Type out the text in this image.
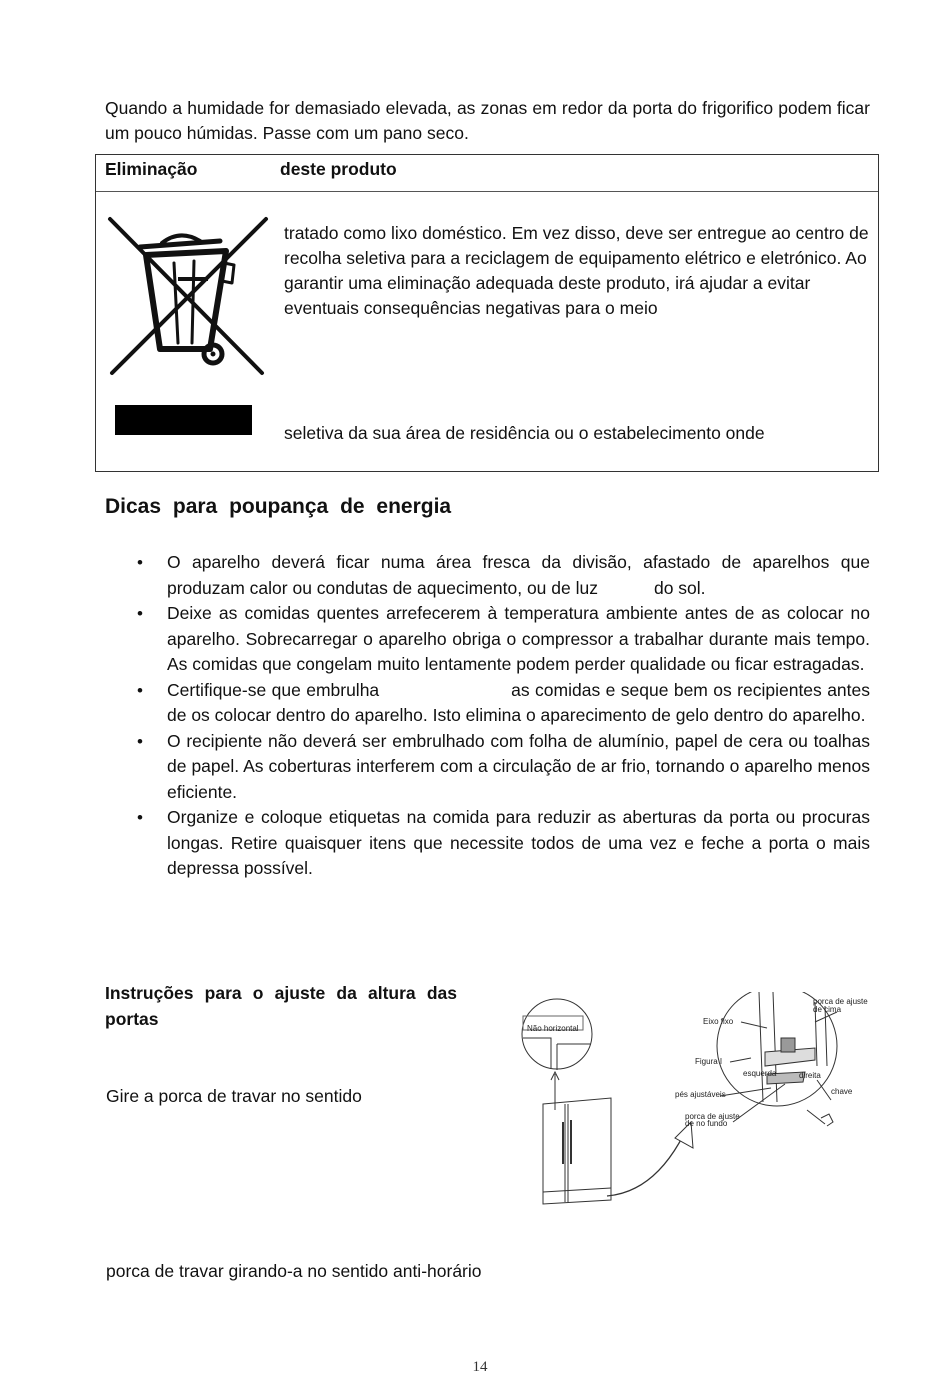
Quando a humidade for demasiado elevada, as zonas em redor da porta do frigorifico podem ficar um pouco húmidas. Passe com um pano seco.

Eliminação	deste produto

tratado como lixo doméstico. Em vez disso, deve ser entregue ao centro de recolha seletiva para a reciclagem de equipamento elétrico e eletrónico. Ao garantir uma eliminação adequada deste produto, irá ajudar a evitar eventuais consequências negativas para o meio

seletiva da sua área de residência ou o estabelecimento onde

Dicas para poupança de energia
• O aparelho deverá ficar numa área fresca da divisão, afastado de aparelhos que produzam calor ou condutas de aquecimento, ou de luz	do sol.
• Deixe as comidas quentes arrefecerem à temperatura ambiente antes de as colocar no aparelho. Sobrecarregar o aparelho obriga o compressor a trabalhar durante mais tempo. As comidas que congelam muito lentamente podem perder qualidade ou ficar estragadas.
• Certifique-se que embrulha	as comidas e seque bem os recipientes antes de os colocar dentro do aparelho. Isto elimina o aparecimento de gelo dentro do aparelho.
• O recipiente não deverá ser embrulhado com folha de alumínio, papel de cera ou toalhas de papel. As coberturas interferem com a circulação de ar frio, tornando o aparelho menos eficiente.
• Organize e coloque etiquetas na comida para reduzir as aberturas da porta ou procuras longas. Retire quaisquer itens que necessite todos de uma vez e feche a porta o mais depressa possível.
Instruções para o ajuste da altura das portas

Gire a porca de travar no sentido

porca de travar girando-a no sentido anti-horário

Não horizontal
Eixo fixo
porca de ajuste
de cima
Figura I
esquerda	direita
pés ajustáveis	chave
porca de ajuste
de no fundo
14
